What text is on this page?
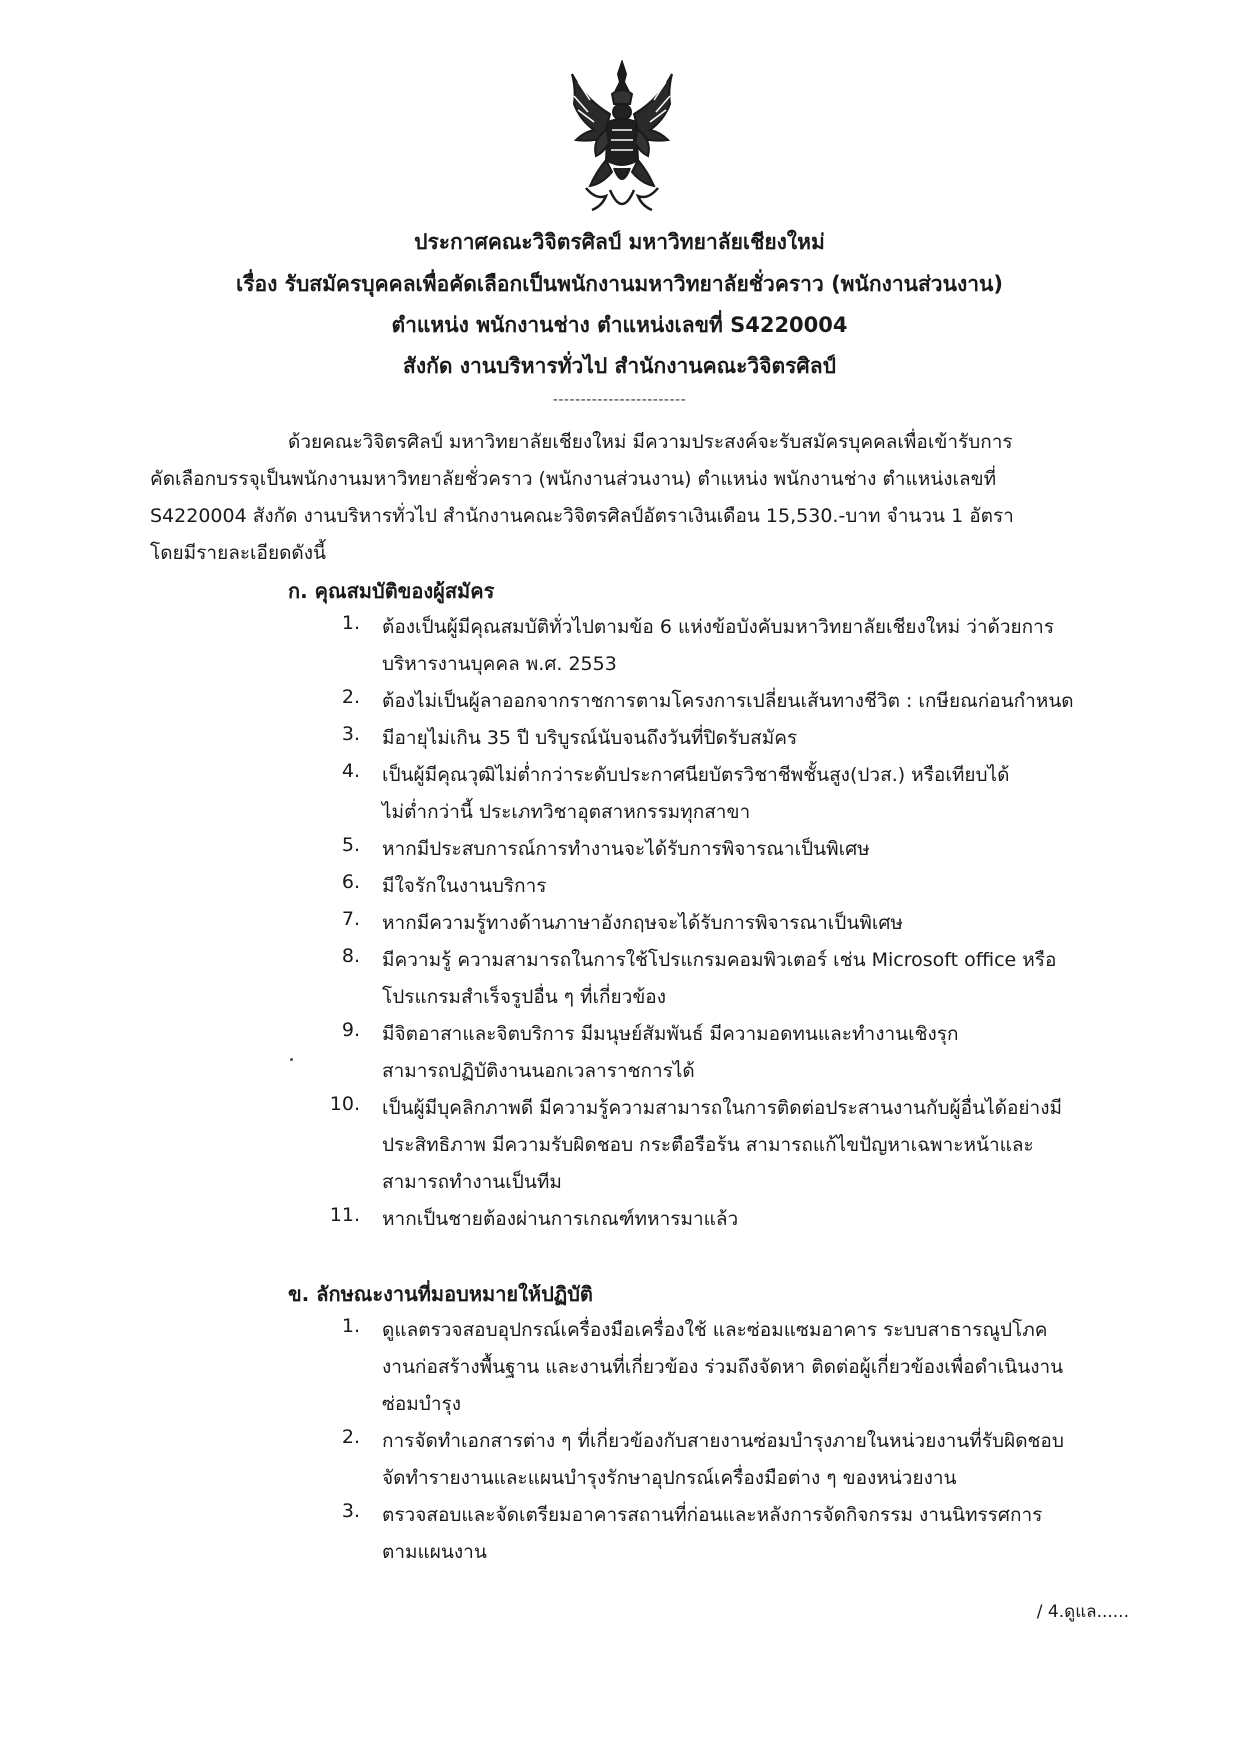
ประกาศคณะวิจิตรศิลป์ มหาวิทยาลัยเชียงใหม่
เรื่อง รับสมัครบุคคลเพื่อคัดเลือกเป็นพนักงานมหาวิทยาลัยชั่วคราว (พนักงานส่วนงาน)
ตำแหน่ง พนักงานช่าง ตำแหน่งเลขที่ S4220004
สังกัด งานบริหารทั่วไป สำนักงานคณะวิจิตรศิลป์
------------------------
ด้วยคณะวิจิตรศิลป์ มหาวิทยาลัยเชียงใหม่ มีความประสงค์จะรับสมัครบุคคลเพื่อเข้ารับการ
คัดเลือกบรรจุเป็นพนักงานมหาวิทยาลัยชั่วคราว (พนักงานส่วนงาน) ตำแหน่ง พนักงานช่าง ตำแหน่งเลขที่
S4220004 สังกัด งานบริหารทั่วไป สำนักงานคณะวิจิตรศิลป์อัตราเงินเดือน 15,530.-บาท จำนวน 1 อัตรา
โดยมีรายละเอียดดังนี้
ก. คุณสมบัติของผู้สมัคร
1. ต้องเป็นผู้มีคุณสมบัติทั่วไปตามข้อ 6 แห่งข้อบังคับมหาวิทยาลัยเชียงใหม่ ว่าด้วยการ
บริหารงานบุคคล พ.ศ. 2553
2. ต้องไม่เป็นผู้ลาออกจากราชการตามโครงการเปลี่ยนเส้นทางชีวิต : เกษียณก่อนกำหนด
3. มีอายุไม่เกิน 35 ปี บริบูรณ์นับจนถึงวันที่ปิดรับสมัคร
4. เป็นผู้มีคุณวุฒิไม่ต่ำกว่าระดับประกาศนียบัตรวิชาชีพชั้นสูง(ปวส.) หรือเทียบได้
ไม่ต่ำกว่านี้ ประเภทวิชาอุตสาหกรรมทุกสาขา
5. หากมีประสบการณ์การทำงานจะได้รับการพิจารณาเป็นพิเศษ
6. มีใจรักในงานบริการ
7. หากมีความรู้ทางด้านภาษาอังกฤษจะได้รับการพิจารณาเป็นพิเศษ
8. มีความรู้ ความสามารถในการใช้โปรแกรมคอมพิวเตอร์ เช่น Microsoft office หรือ
โปรแกรมสำเร็จรูปอื่น ๆ ที่เกี่ยวข้อง
9. มีจิตอาสาและจิตบริการ มีมนุษย์สัมพันธ์ มีความอดทนและทำงานเชิงรุก
สามารถปฏิบัติงานนอกเวลาราชการได้
10. เป็นผู้มีบุคลิกภาพดี มีความรู้ความสามารถในการติดต่อประสานงานกับผู้อื่นได้อย่างมี
ประสิทธิภาพ มีความรับผิดชอบ กระตือรือร้น สามารถแก้ไขปัญหาเฉพาะหน้าและ
สามารถทำงานเป็นทีม
11. หากเป็นชายต้องผ่านการเกณฑ์ทหารมาแล้ว
ข. ลักษณะงานที่มอบหมายให้ปฏิบัติ
1. ดูแลตรวจสอบอุปกรณ์เครื่องมือเครื่องใช้ และซ่อมแซมอาคาร ระบบสาธารณูปโภค
งานก่อสร้างพื้นฐาน และงานที่เกี่ยวข้อง ร่วมถึงจัดหา ติดต่อผู้เกี่ยวข้องเพื่อดำเนินงาน
ซ่อมบำรุง
2. การจัดทำเอกสารต่าง ๆ ที่เกี่ยวข้องกับสายงานซ่อมบำรุงภายในหน่วยงานที่รับผิดชอบ
จัดทำรายงานและแผนบำรุงรักษาอุปกรณ์เครื่องมือต่าง ๆ ของหน่วยงาน
3. ตรวจสอบและจัดเตรียมอาคารสถานที่ก่อนและหลังการจัดกิจกรรม งานนิทรรศการ
ตามแผนงาน
/ 4.ดูแล......
